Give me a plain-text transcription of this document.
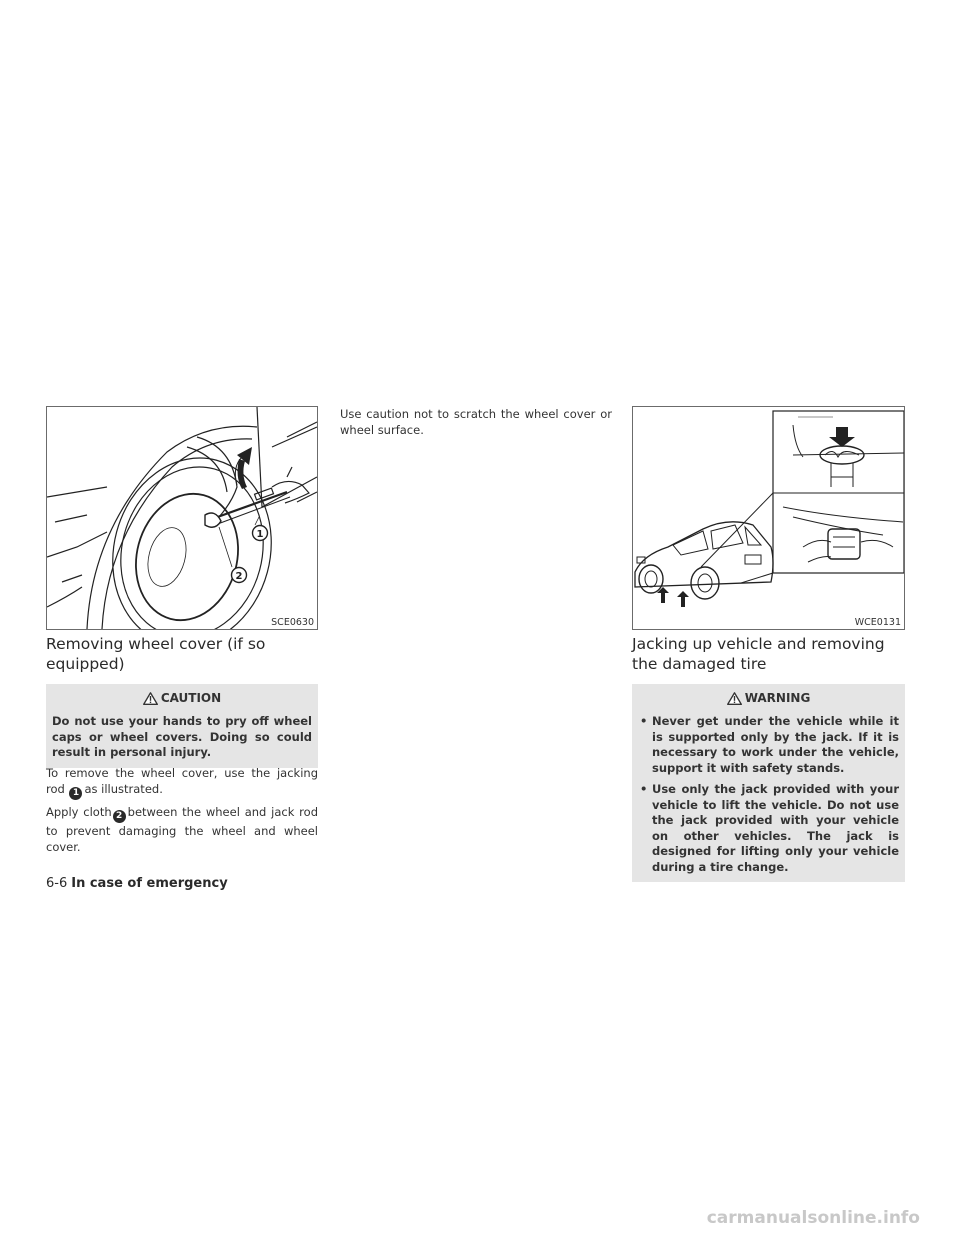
1
2
SCE0630	WCE0131
Removing wheel cover (if so equipped)
CAUTION

Do not use your hands to pry off wheel caps or wheel covers. Doing so could result in personal injury.

To remove the wheel cover, use the jacking rod 1 as illustrated.

Apply cloth 2 between the wheel and jack rod to prevent damaging the wheel and wheel cover.

Use caution not to scratch the wheel cover or wheel surface.

Jacking up vehicle and removing the damaged tire
WARNING
• Never get under the vehicle while it is supported only by the jack. If it is necessary to work under the vehicle, support it with safety stands.
• Use only the jack provided with your vehicle to lift the vehicle. Do not use the jack provided with your vehicle on other vehicles. The jack is designed for lifting only your vehicle during a tire change.
6-6 In case of emergency
carmanualsonline.info
